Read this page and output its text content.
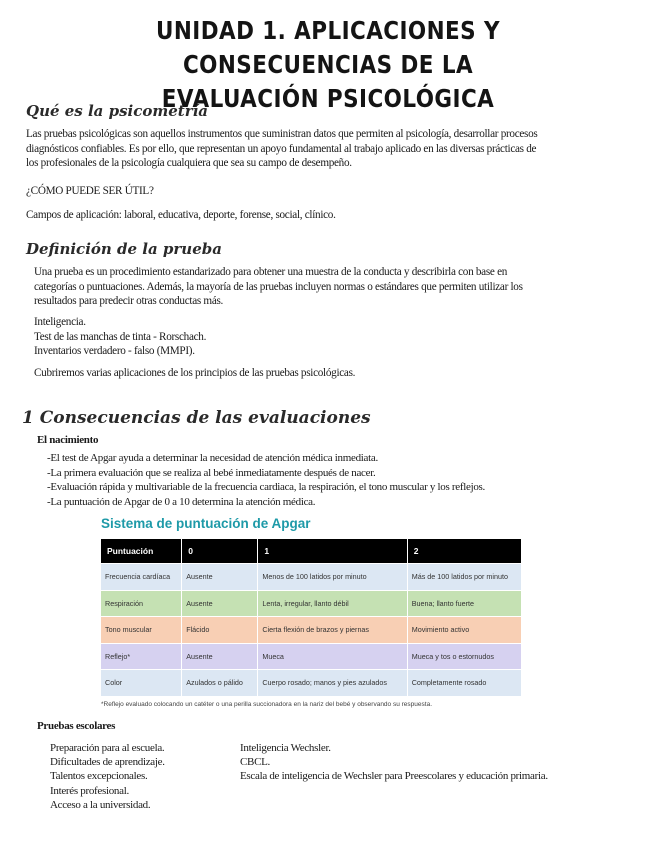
UNIDAD 1. APLICACIONES Y CONSECUENCIAS DE LA
EVALUACIÓN PSICOLÓGICA
Qué es la psicometría
Las pruebas psicológicas son aquellos instrumentos que suministran datos que permiten al psicología, desarrollar procesos
diagnósticos confiables. Es por ello, que representan un apoyo fundamental al trabajo aplicado en las diversas prácticas de
los profesionales de la psicología cualquiera que sea su campo de desempeño.
¿CÓMO PUEDE SER ÚTIL?
Campos de aplicación: laboral, educativa, deporte, forense, social, clínico.
Definición de la prueba
Una prueba es un procedimiento estandarizado para obtener una muestra de la conducta y describirla con base en
categorías o puntuaciones. Además, la mayoría de las pruebas incluyen normas o estándares que permiten utilizar los
resultados para predecir otras conductas más.
Inteligencia.
Test de las manchas de tinta - Rorschach.
Inventarios verdadero - falso (MMPI).
Cubriremos varias aplicaciones de los principios de las pruebas psicológicas.
1 Consecuencias de las evaluaciones
El nacimiento
-El test de Apgar ayuda a determinar la necesidad de atención médica inmediata.
-La primera evaluación que se realiza al bebé inmediatamente después de nacer.
-Evaluación rápida y multivariable de la frecuencia cardiaca, la respiración, el tono muscular y los reflejos.
-La puntuación de Apgar de 0 a 10 determina la atención médica.
Sistema de puntuación de Apgar
Puntuación	0	1	2
Frecuencia cardíaca	Ausente	Menos de 100 latidos por minuto	Más de 100 latidos por minuto
Respiración	Ausente	Lenta, irregular, llanto débil	Buena; llanto fuerte
Tono muscular	Flácido	Cierta flexión de brazos y piernas	Movimiento activo
Reflejo*	Ausente	Mueca	Mueca y tos o estornudos
Color	Azulados o pálido	Cuerpo rosado; manos y pies azulados	Completamente rosado
*Reflejo evaluado colocando un catéter o una perilla succionadora en la nariz del bebé y observando su respuesta.
Pruebas escolares
Preparación para al escuela.
Dificultades de aprendizaje.
Talentos excepcionales.
Interés profesional.
Acceso a la universidad.
Inteligencia Wechsler.
CBCL.
Escala de inteligencia de Wechsler para Preescolares y educación primaria.
